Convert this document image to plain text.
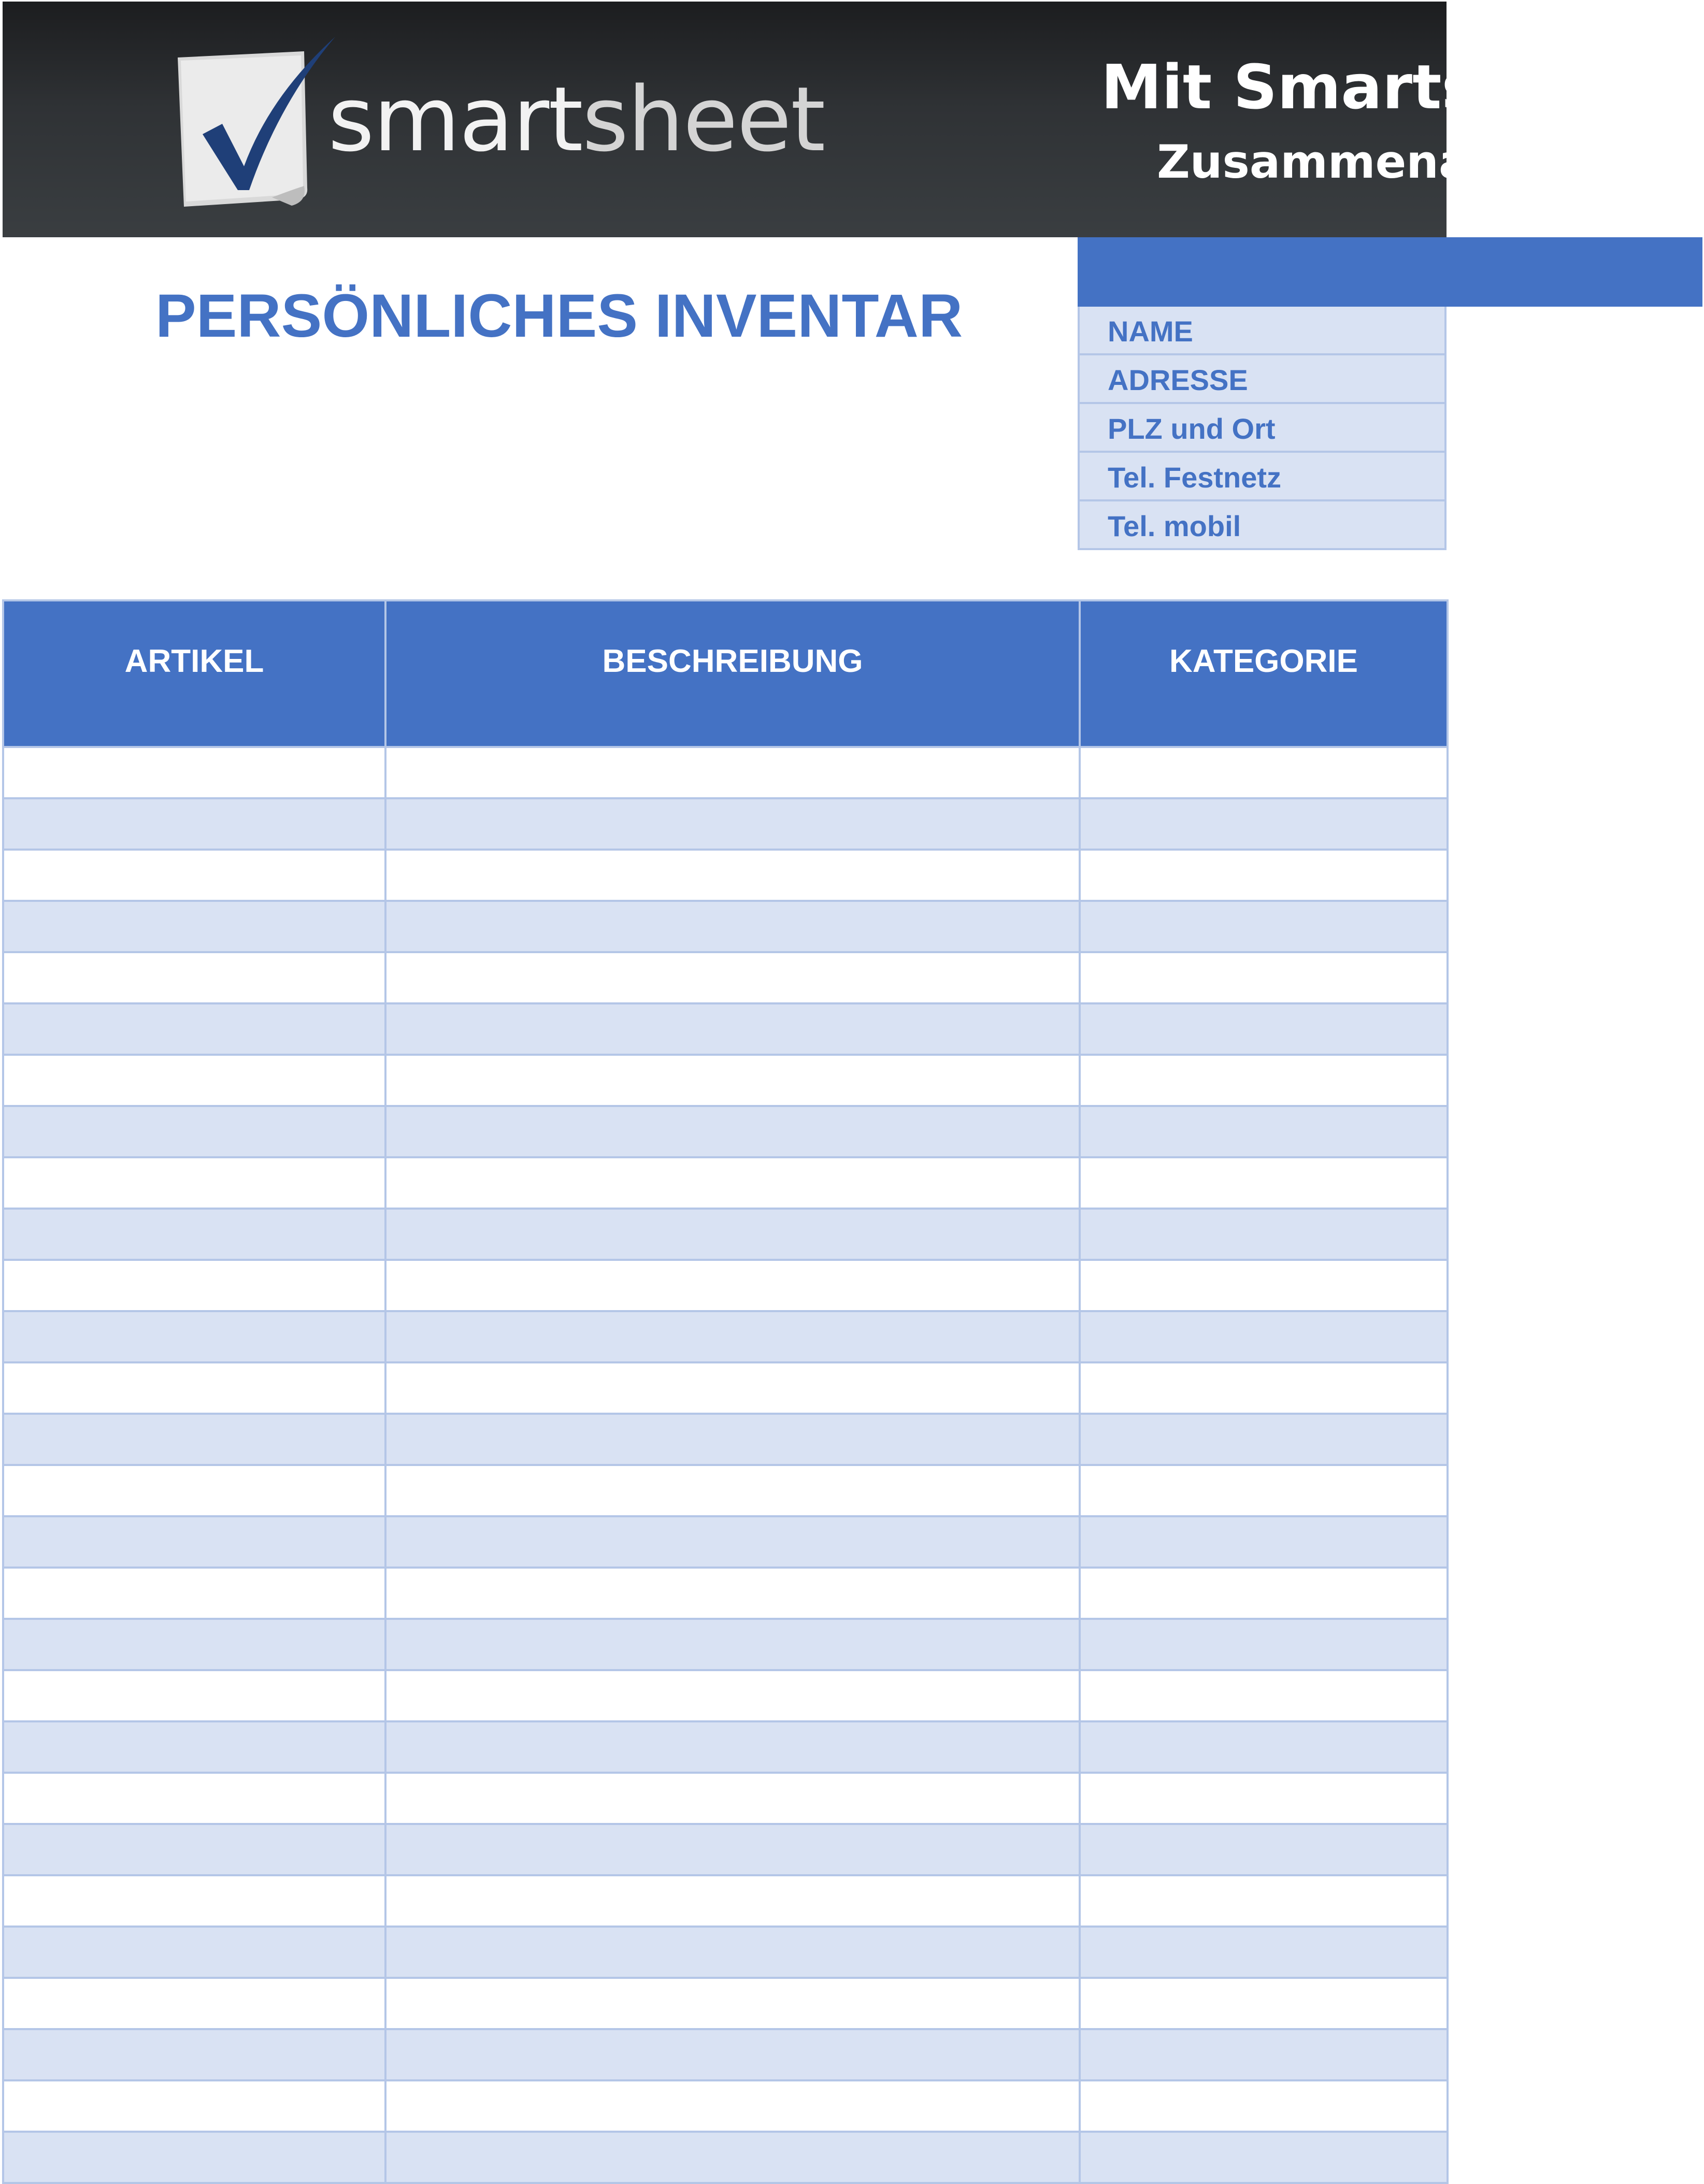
smartsheet	Mit Smartsh
Zusammenar
PERSÖNLICHES INVENTAR	NAME
ADRESSE
PLZ und Ort
Tel. Festnetz
Tel. mobil
ARTIKEL	BESCHREIBUNG	KATEGORIE
